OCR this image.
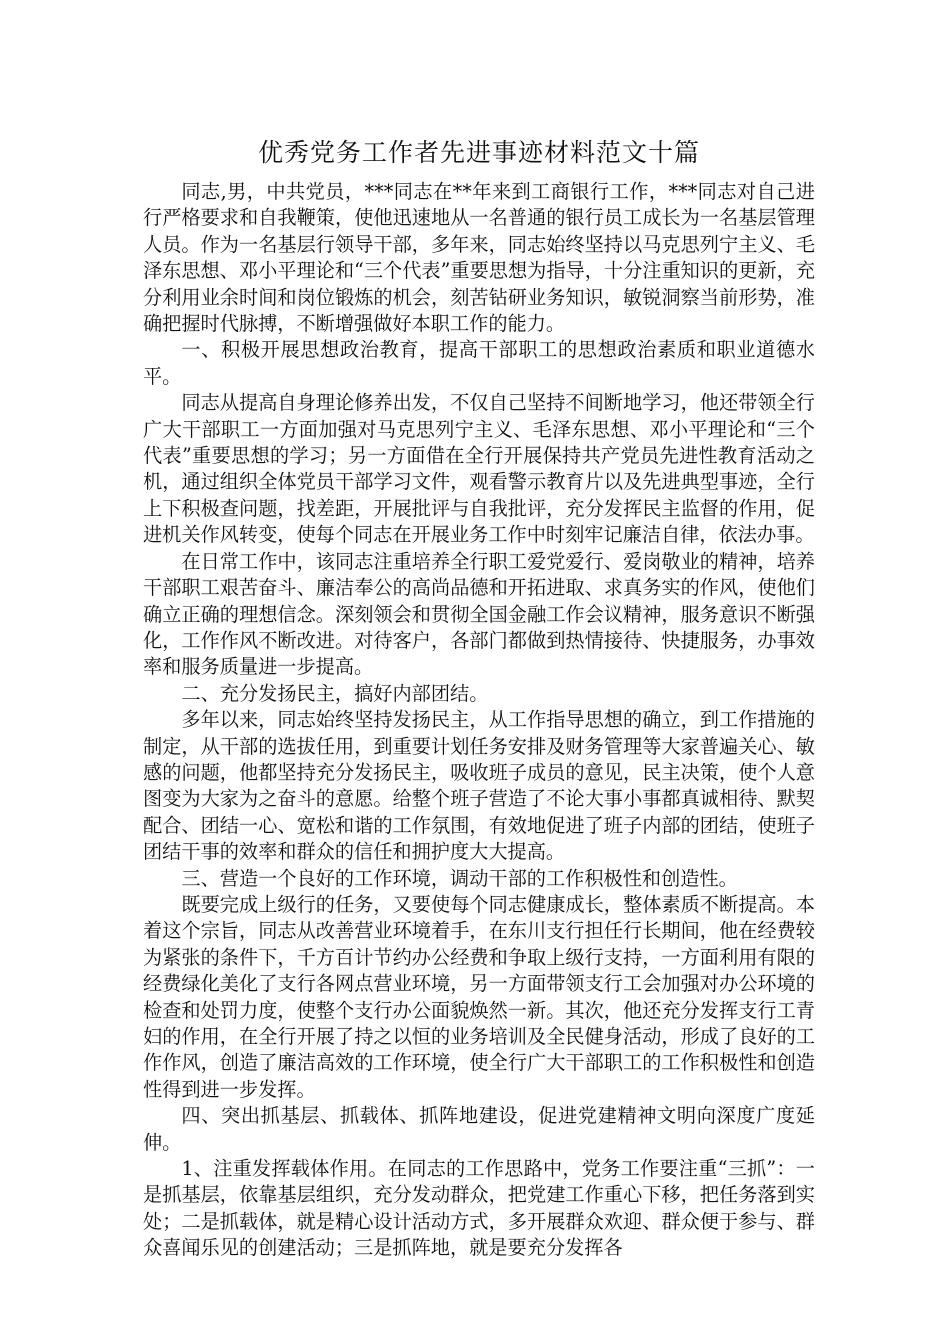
优秀党务工作者先进事迹材料范文十篇

同志,男，中共党员，***同志在**年来到工商银行工作，***同志对自己进行严格要求和自我鞭策，使他迅速地从一名普通的银行员工成长为一名基层管理人员。作为一名基层行领导干部，多年来，同志始终坚持以马克思列宁主义、毛泽东思想、邓小平理论和“三个代表”重要思想为指导，十分注重知识的更新，充分利用业余时间和岗位锻炼的机会，刻苦钻研业务知识，敏锐洞察当前形势，准确把握时代脉搏，不断增强做好本职工作的能力。

一、积极开展思想政治教育，提高干部职工的思想政治素质和职业道德水平。

同志从提高自身理论修养出发，不仅自己坚持不间断地学习，他还带领全行广大干部职工一方面加强对马克思列宁主义、毛泽东思想、邓小平理论和“三个代表”重要思想的学习；另一方面借在全行开展保持共产党员先进性教育活动之机，通过组织全体党员干部学习文件，观看警示教育片以及先进典型事迹，全行上下积极查问题，找差距，开展批评与自我批评，充分发挥民主监督的作用，促进机关作风转变，使每个同志在开展业务工作中时刻牢记廉洁自律，依法办事。

在日常工作中，该同志注重培养全行职工爱党爱行、爱岗敬业的精神，培养干部职工艰苦奋斗、廉洁奉公的高尚品德和开拓进取、求真务实的作风，使他们确立正确的理想信念。深刻领会和贯彻全国金融工作会议精神，服务意识不断强化，工作作风不断改进。对待客户，各部门都做到热情接待、快捷服务，办事效率和服务质量进一步提高。

二、充分发扬民主，搞好内部团结。

多年以来，同志始终坚持发扬民主，从工作指导思想的确立，到工作措施的制定，从干部的选拔任用，到重要计划任务安排及财务管理等大家普遍关心、敏感的问题，他都坚持充分发扬民主，吸收班子成员的意见，民主决策，使个人意图变为大家为之奋斗的意愿。给整个班子营造了不论大事小事都真诚相待、默契配合、团结一心、宽松和谐的工作氛围，有效地促进了班子内部的团结，使班子团结干事的效率和群众的信任和拥护度大大提高。

三、营造一个良好的工作环境，调动干部的工作积极性和创造性。

既要完成上级行的任务，又要使每个同志健康成长，整体素质不断提高。本着这个宗旨，同志从改善营业环境着手，在东川支行担任行长期间，他在经费较为紧张的条件下，千方百计节约办公经费和争取上级行支持，一方面利用有限的经费绿化美化了支行各网点营业环境，另一方面带领支行工会加强对办公环境的检查和处罚力度，使整个支行办公面貌焕然一新。其次，他还充分发挥支行工青妇的作用，在全行开展了持之以恒的业务培训及全民健身活动，形成了良好的工作作风，创造了廉洁高效的工作环境，使全行广大干部职工的工作积极性和创造性得到进一步发挥。

四、突出抓基层、抓载体、抓阵地建设，促进党建精神文明向深度广度延伸。

1、注重发挥载体作用。在同志的工作思路中，党务工作要注重“三抓”：一是抓基层，依靠基层组织，充分发动群众，把党建工作重心下移，把任务落到实处；二是抓载体，就是精心设计活动方式，多开展群众欢迎、群众便于参与、群众喜闻乐见的创建活动；三是抓阵地，就是要充分发挥各
